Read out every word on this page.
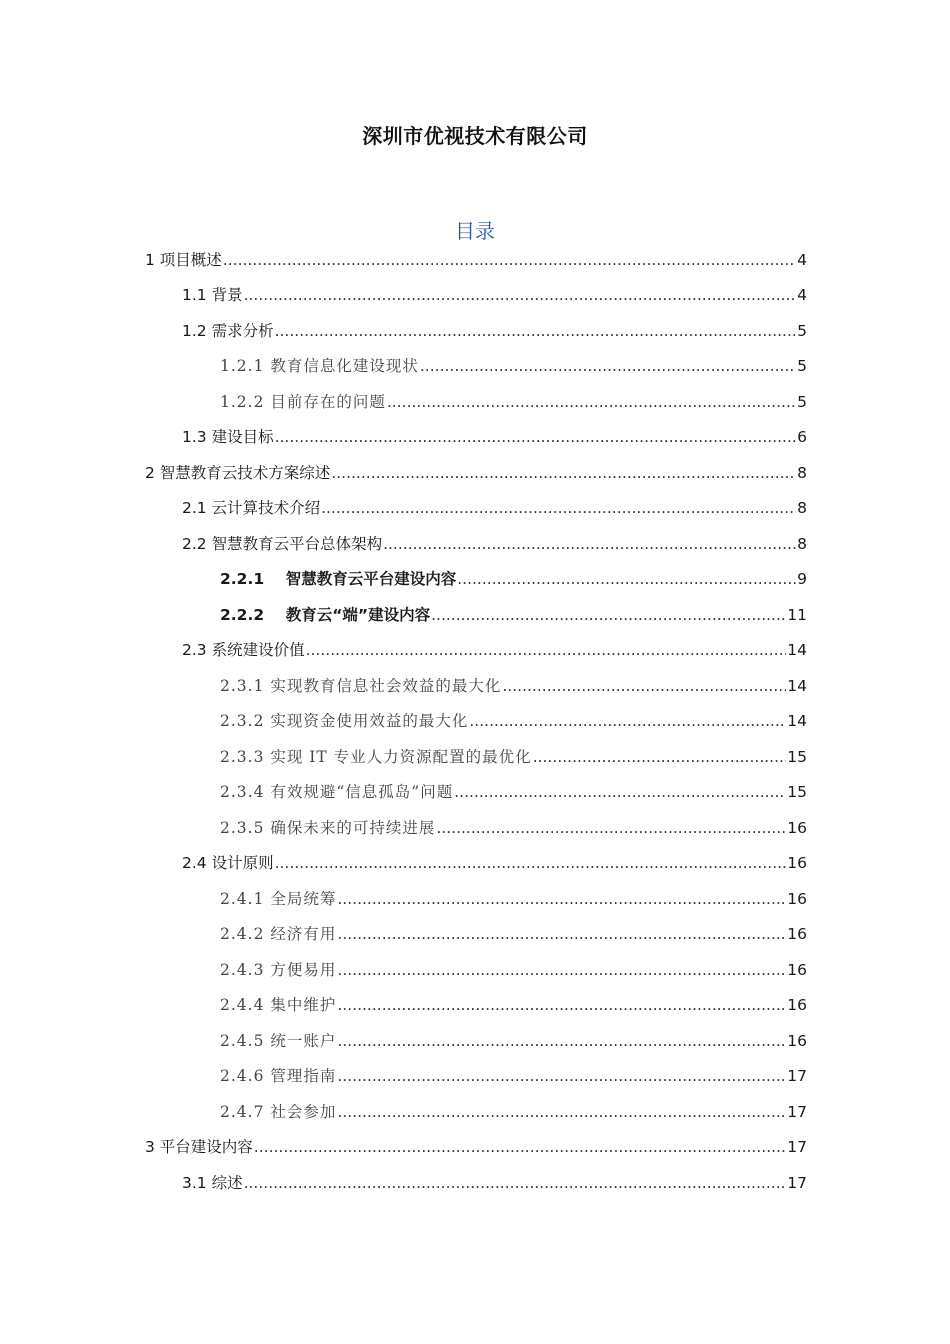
深圳市优视技术有限公司
目录
1 项目概述 .....	4
1.1 背景 .....	4
1.2 需求分析 .....	5
1.2.1 教育信息化建设现状 .....	5
1.2.2 目前存在的问题 .....	5
1.3 建设目标 .....	6
2 智慧教育云技术方案综述 .....	8
2.1 云计算技术介绍 .....	8
2.2 智慧教育云平台总体架构 .....	8
2.2.1    智慧教育云平台建设内容 .....	9
2.2.2    教育云“端”建设内容 .....	11
2.3 系统建设价值 .....	14
2.3.1 实现教育信息社会效益的最大化 .....	14
2.3.2 实现资金使用效益的最大化 .....	14
2.3.3 实现 IT 专业人力资源配置的最优化 .....	15
2.3.4 有效规避“信息孤岛”问题 .....	15
2.3.5 确保未来的可持续进展 .....	16
2.4 设计原则 .....	16
2.4.1 全局统筹 .....	16
2.4.2 经济有用 .....	16
2.4.3 方便易用 .....	16
2.4.4 集中维护 .....	16
2.4.5 统一账户 .....	16
2.4.6 管理指南 .....	17
2.4.7 社会参加 .....	17
3 平台建设内容 .....	17
3.1 综述 .....	17
